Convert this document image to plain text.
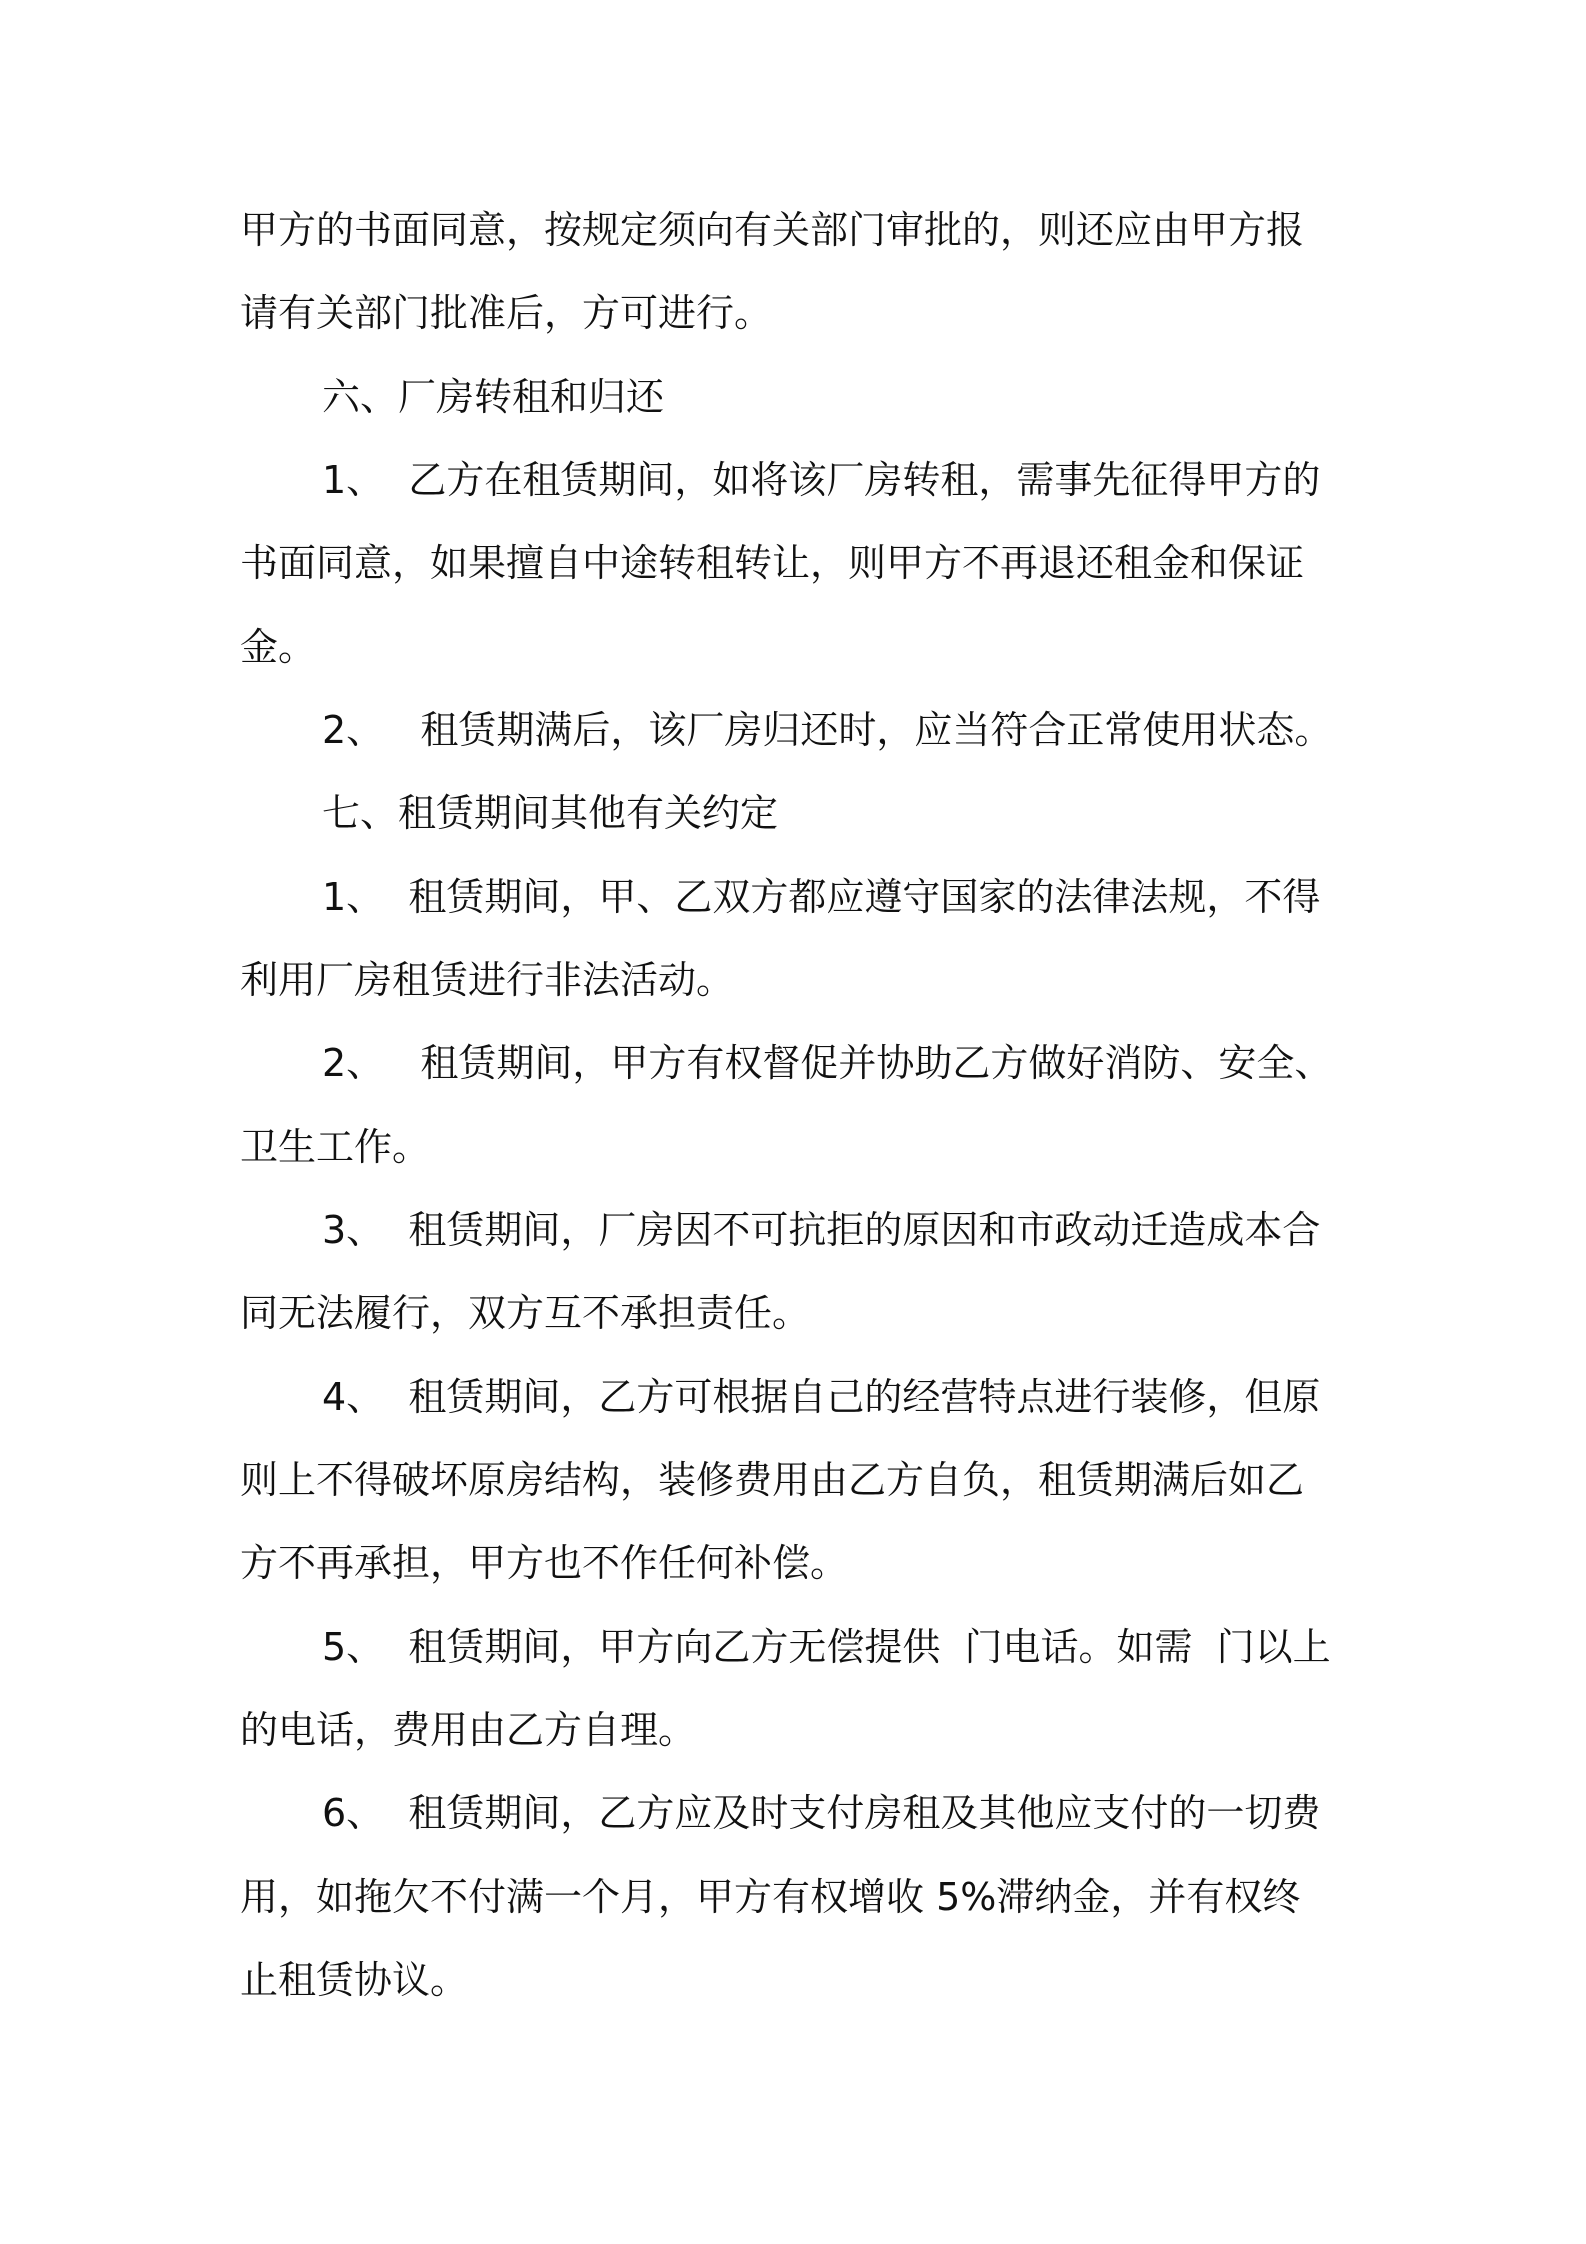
甲方的书面同意，按规定须向有关部门审批的，则还应由甲方报
请有关部门批准后，方可进行。
六、厂房转租和归还
1、  乙方在租赁期间，如将该厂房转租，需事先征得甲方的
书面同意，如果擅自中途转租转让，则甲方不再退还租金和保证
金。
2、   租赁期满后，该厂房归还时，应当符合正常使用状态。
七、租赁期间其他有关约定
1、  租赁期间，甲、乙双方都应遵守国家的法律法规，不得
利用厂房租赁进行非法活动。
2、   租赁期间，甲方有权督促并协助乙方做好消防、安全、
卫生工作。
3、  租赁期间，厂房因不可抗拒的原因和市政动迁造成本合
同无法履行，双方互不承担责任。
4、  租赁期间，乙方可根据自己的经营特点进行装修，但原
则上不得破坏原房结构，装修费用由乙方自负，租赁期满后如乙
方不再承担，甲方也不作任何补偿。
5、  租赁期间，甲方向乙方无偿提供  门电话。如需  门以上
的电话，费用由乙方自理。
6、  租赁期间，乙方应及时支付房租及其他应支付的一切费
用，如拖欠不付满一个月，甲方有权增收 5%滞纳金，并有权终
止租赁协议。
